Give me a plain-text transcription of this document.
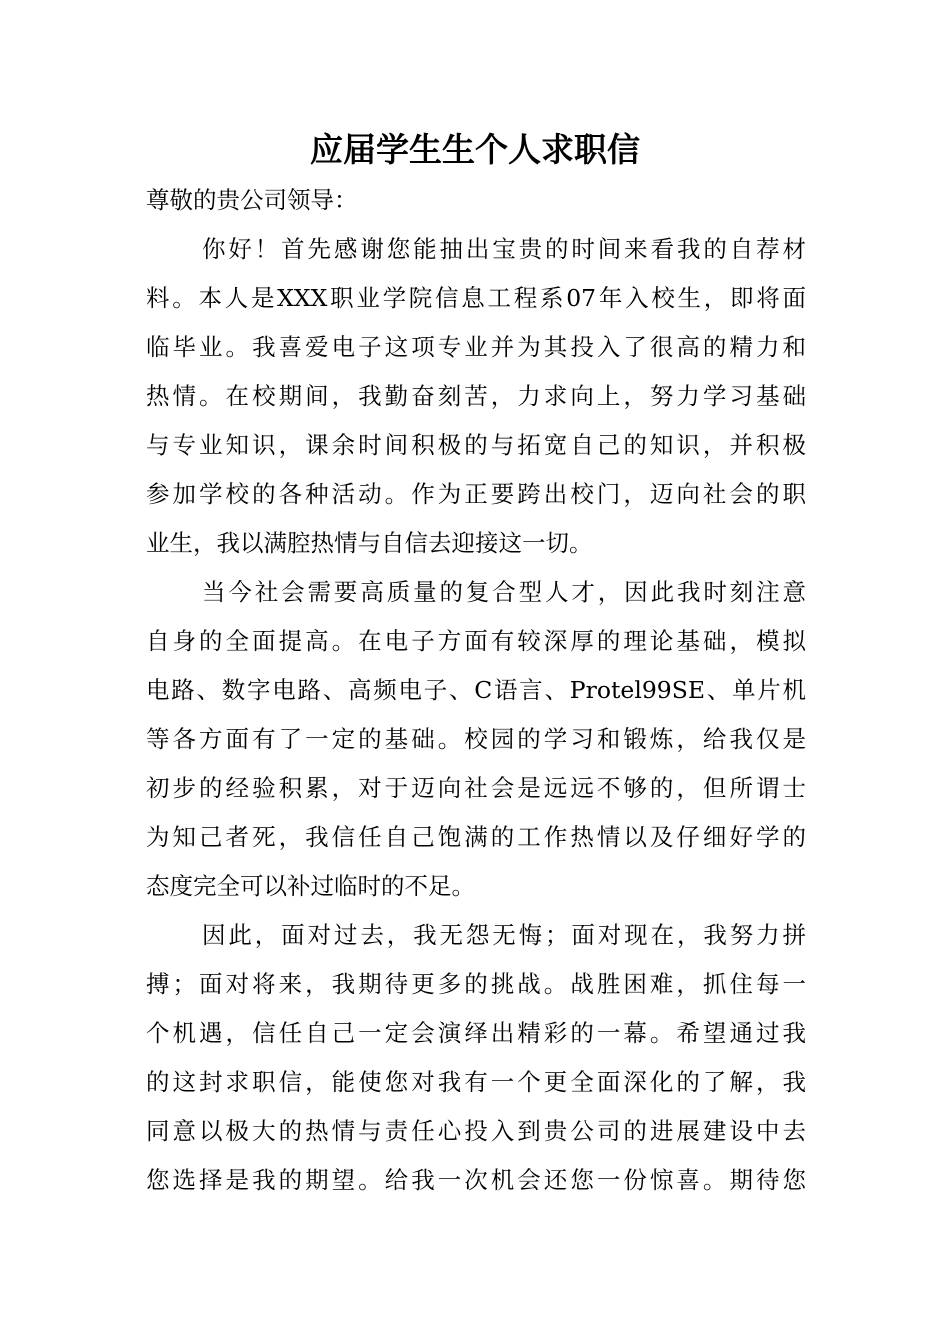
应届学生生个人求职信
尊敬的贵公司领导：
你好！首先感谢您能抽出宝贵的时间来看我的自荐材
料。本人是XXX职业学院信息工程系07年入校生，即将面
临毕业。我喜爱电子这项专业并为其投入了很高的精力和
热情。在校期间，我勤奋刻苦，力求向上，努力学习基础
与专业知识，课余时间积极的与拓宽自己的知识，并积极
参加学校的各种活动。作为正要跨出校门，迈向社会的职
业生，我以满腔热情与自信去迎接这一切。
当今社会需要高质量的复合型人才，因此我时刻注意
自身的全面提高。在电子方面有较深厚的理论基础，模拟
电路、数字电路、高频电子、C语言、Protel99SE、单片机
等各方面有了一定的基础。校园的学习和锻炼，给我仅是
初步的经验积累，对于迈向社会是远远不够的，但所谓士
为知己者死，我信任自己饱满的工作热情以及仔细好学的
态度完全可以补过临时的不足。
因此，面对过去，我无怨无悔；面对现在，我努力拼
搏；面对将来，我期待更多的挑战。战胜困难，抓住每一
个机遇，信任自己一定会演绎出精彩的一幕。希望通过我
的这封求职信，能使您对我有一个更全面深化的了解，我
同意以极大的热情与责任心投入到贵公司的进展建设中去
您选择是我的期望。给我一次机会还您一份惊喜。期待您
